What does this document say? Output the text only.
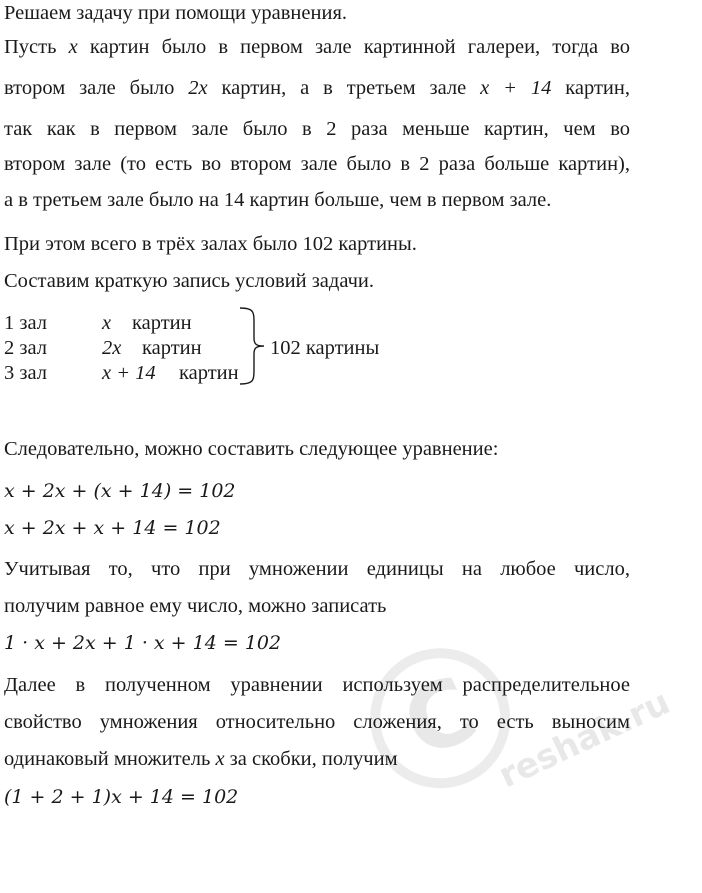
С reshak.ru
Решаем задачу при помощи уравнения.
Пусть x картин было в первом зале картинной галереи, тогда во
втором зале было 2x картин, а в третьем зале x + 14 картин,
так как в первом зале было в 2 раза меньше картин, чем во
втором зале (то есть во втором зале было в 2 раза больше картин),
а в третьем зале было на 14 картин больше, чем в первом зале.
При этом всего в трёх залах было 102 картины.
Составим краткую запись условий задачи.
1 зал	x картин
2 зал	2x картин
3 зал	x + 14 картин
102 картины
Следовательно, можно составить следующее уравнение:
x + 2x + (x + 14) = 102
x + 2x + x + 14 = 102
Учитывая то, что при умножении единицы на любое число,
получим равное ему число, можно записать
1 · x + 2x + 1 · x + 14 = 102
Далее в полученном уравнении используем распределительное
свойство умножения относительно сложения, то есть выносим
одинаковый множитель x за скобки, получим
(1 + 2 + 1)x + 14 = 102
